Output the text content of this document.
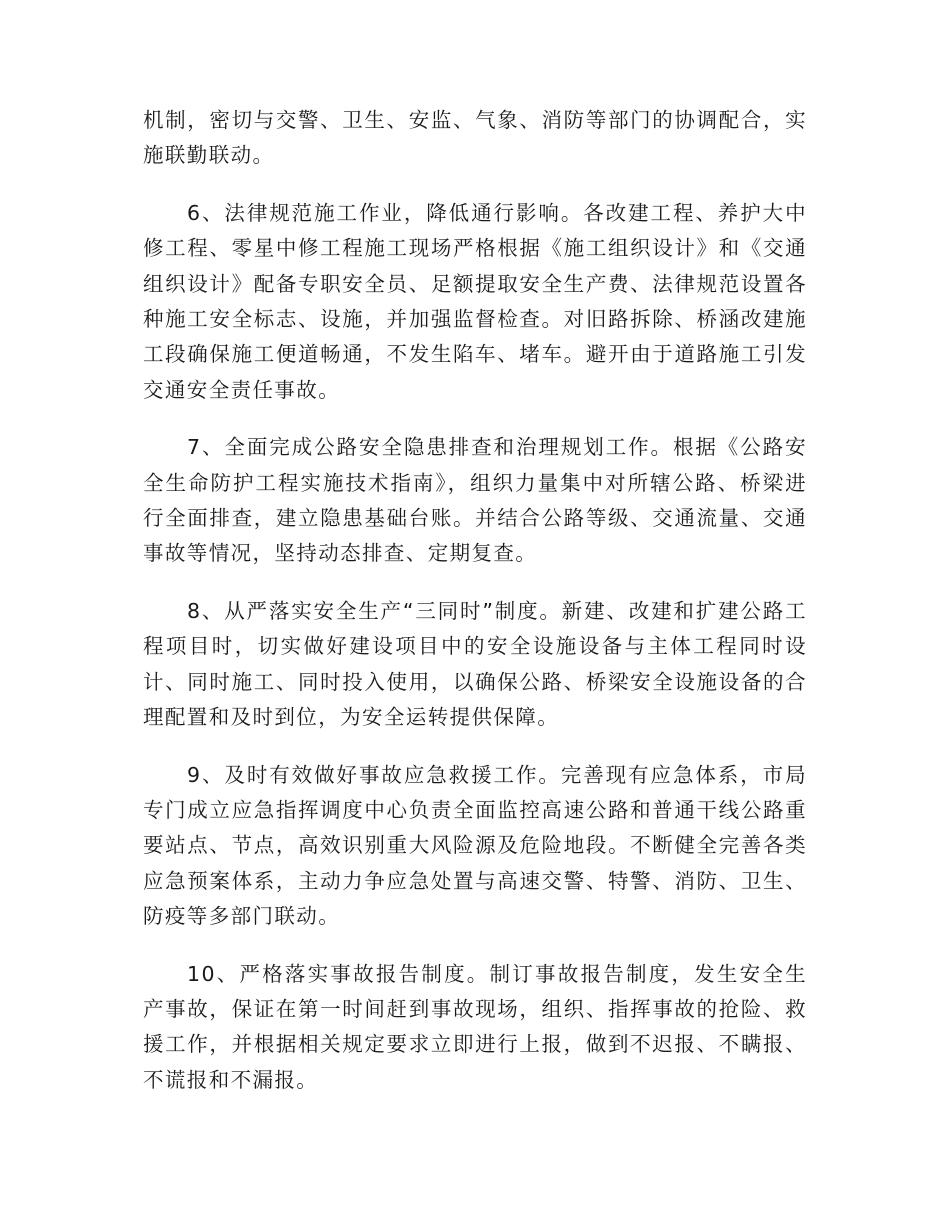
机制，密切与交警、卫生、安监、气象、消防等部门的协调配合，实施联勤联动。

6、法律规范施工作业，降低通行影响。各改建工程、养护大中修工程、零星中修工程施工现场严格根据《施工组织设计》和《交通组织设计》配备专职安全员、足额提取安全生产费、法律规范设置各种施工安全标志、设施，并加强监督检查。对旧路拆除、桥涵改建施工段确保施工便道畅通，不发生陷车、堵车。避开由于道路施工引发交通安全责任事故。

7、全面完成公路安全隐患排查和治理规划工作。根据《公路安全生命防护工程实施技术指南》，组织力量集中对所辖公路、桥梁进行全面排查，建立隐患基础台账。并结合公路等级、交通流量、交通事故等情况，坚持动态排查、定期复查。

8、从严落实安全生产“三同时”制度。新建、改建和扩建公路工程项目时，切实做好建设项目中的安全设施设备与主体工程同时设计、同时施工、同时投入使用，以确保公路、桥梁安全设施设备的合理配置和及时到位，为安全运转提供保障。

9、及时有效做好事故应急救援工作。完善现有应急体系，市局专门成立应急指挥调度中心负责全面监控高速公路和普通干线公路重要站点、节点，高效识别重大风险源及危险地段。不断健全完善各类应急预案体系，主动力争应急处置与高速交警、特警、消防、卫生、防疫等多部门联动。

10、严格落实事故报告制度。制订事故报告制度，发生安全生产事故，保证在第一时间赶到事故现场，组织、指挥事故的抢险、救援工作，并根据相关规定要求立即进行上报，做到不迟报、不瞒报、不谎报和不漏报。
